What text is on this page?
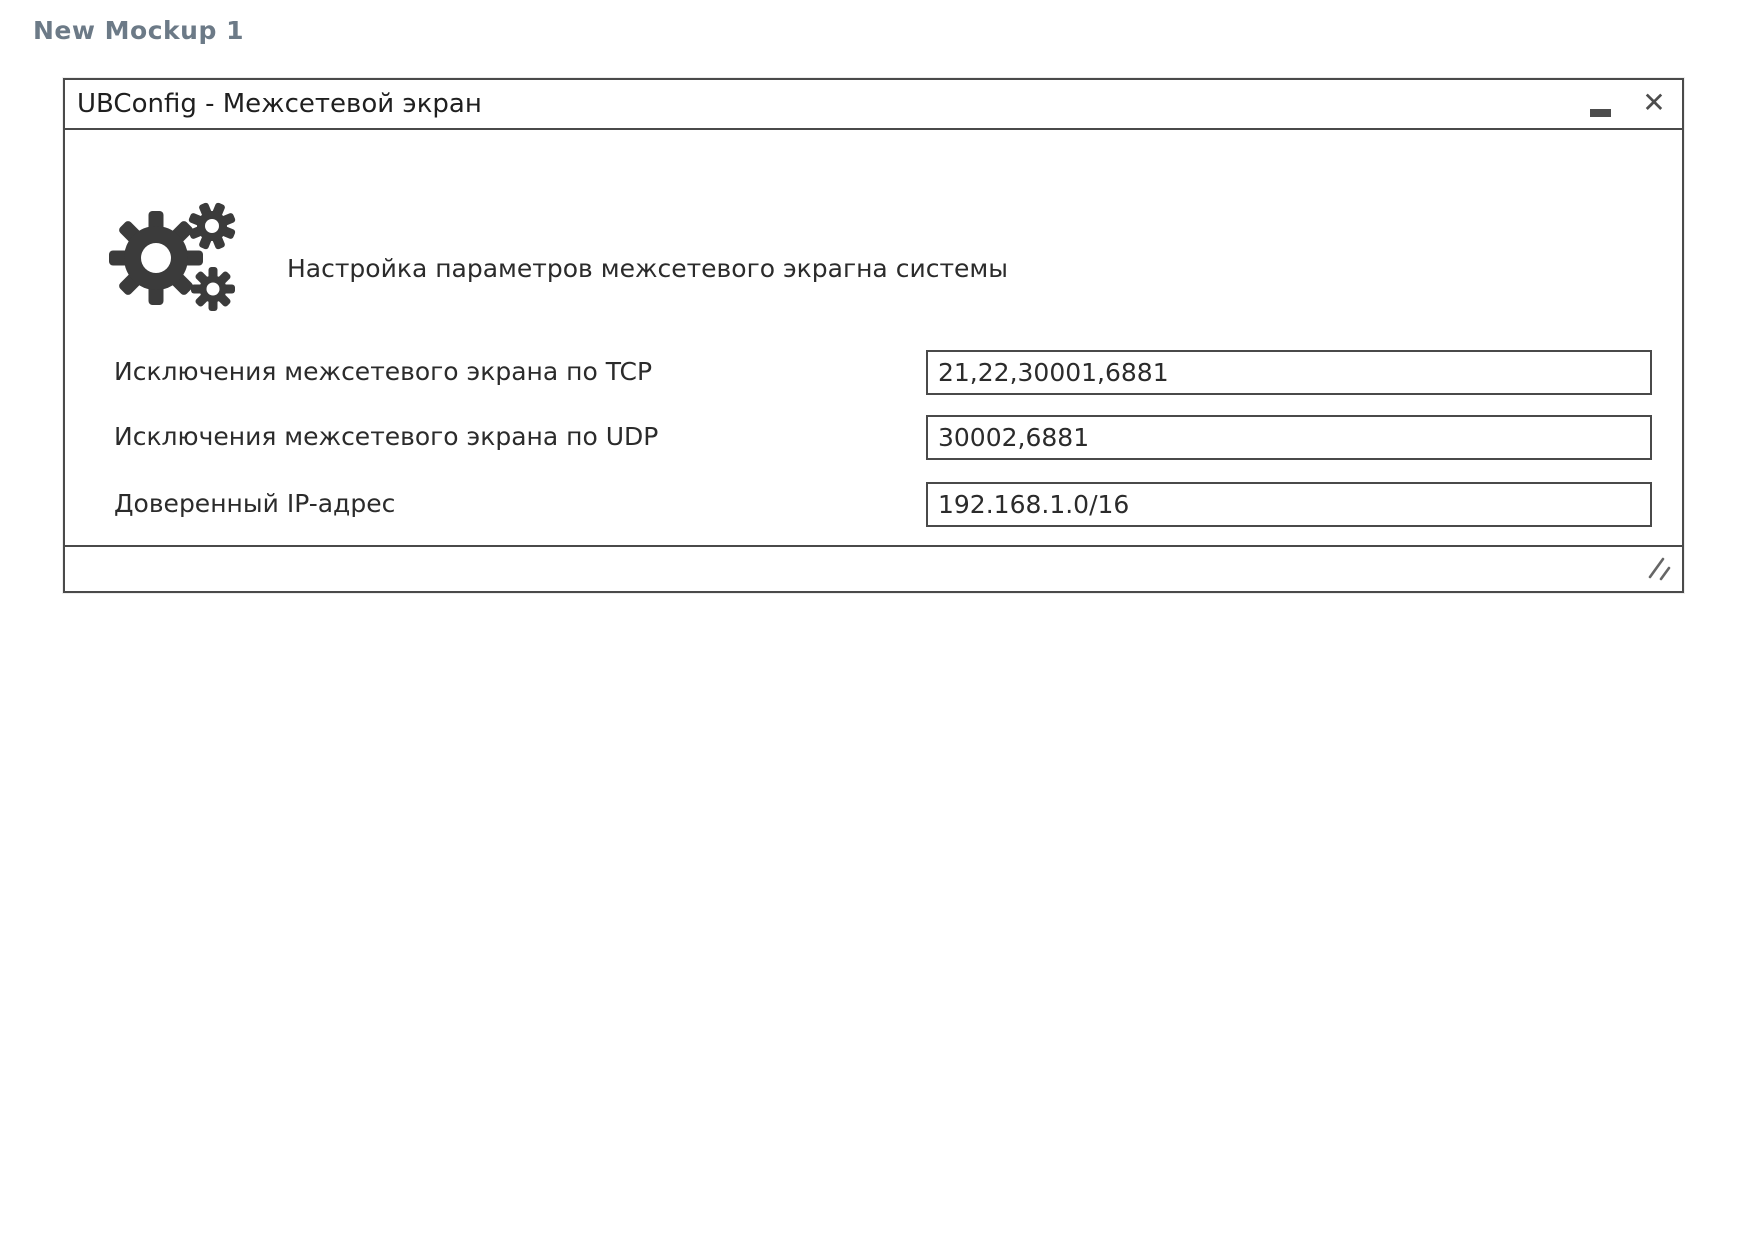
New Mockup 1
UBConfig - Межсетевой экран	✕
Настройка параметров межсетевого экрагна системы
Исключения межсетевого экрана по TCP
21,22,30001,6881
Исключения межсетевого экрана по UDP
30002,6881
Доверенный IP-адрес
192.168.1.0/16
